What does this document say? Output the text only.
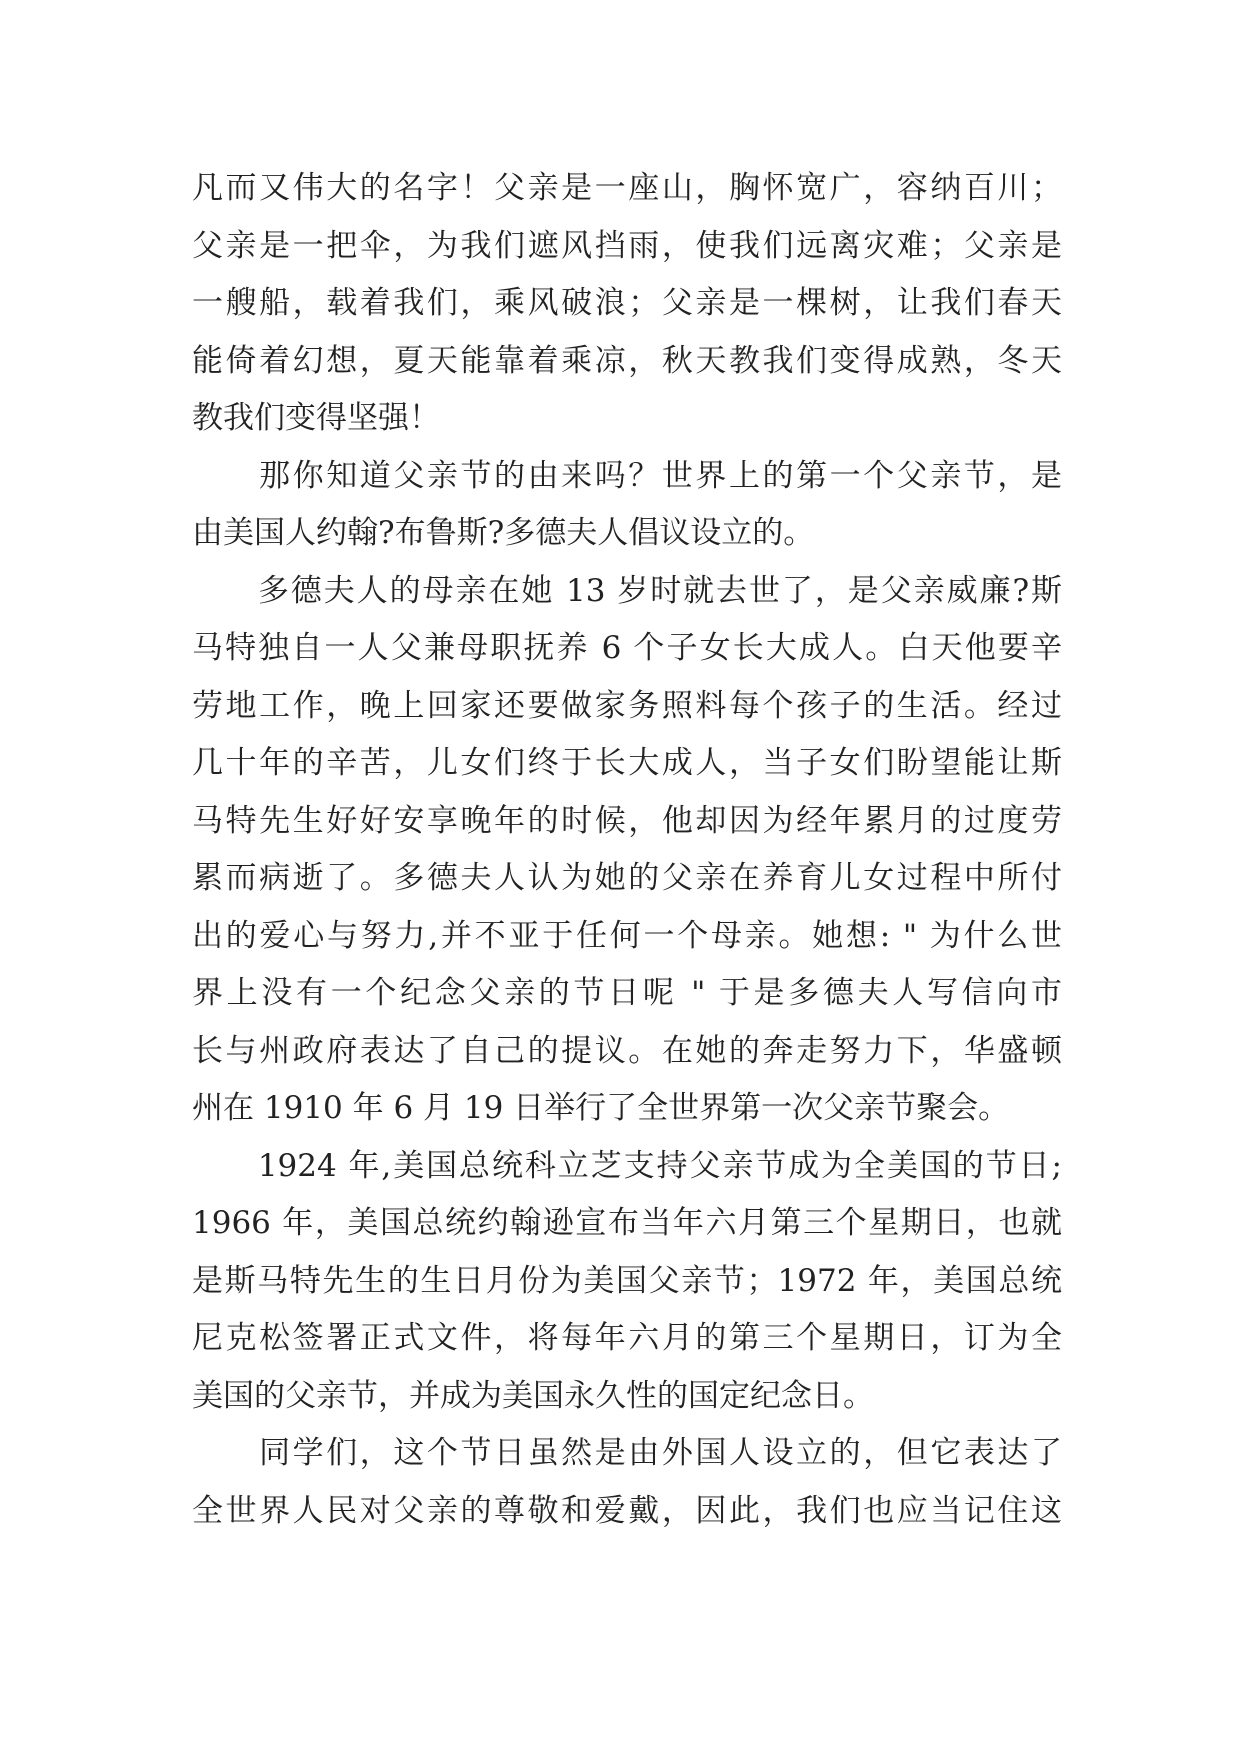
凡而又伟大的名字！父亲是一座山，胸怀宽广，容纳百川；
父亲是一把伞，为我们遮风挡雨，使我们远离灾难；父亲是
一艘船，载着我们，乘风破浪；父亲是一棵树，让我们春天
能倚着幻想，夏天能靠着乘凉，秋天教我们变得成熟，冬天
教我们变得坚强！
　　那你知道父亲节的由来吗？世界上的第一个父亲节，是
由美国人约翰?布鲁斯?多德夫人倡议设立的。
　　多德夫人的母亲在她 13 岁时就去世了，是父亲威廉?斯
马特独自一人父兼母职抚养 6 个子女长大成人。白天他要辛
劳地工作，晚上回家还要做家务照料每个孩子的生活。经过
几十年的辛苦，儿女们终于长大成人，当子女们盼望能让斯
马特先生好好安享晚年的时候，他却因为经年累月的过度劳
累而病逝了。多德夫人认为她的父亲在养育儿女过程中所付
出的爱心与努力,并不亚于任何一个母亲。她想: " 为什么世
界上没有一个纪念父亲的节日呢 " 于是多德夫人写信向市
长与州政府表达了自己的提议。在她的奔走努力下，华盛顿
州在 1910 年 6 月 19 日举行了全世界第一次父亲节聚会。
　　1924 年,美国总统科立芝支持父亲节成为全美国的节日;
1966 年，美国总统约翰逊宣布当年六月第三个星期日，也就
是斯马特先生的生日月份为美国父亲节；1972 年，美国总统
尼克松签署正式文件，将每年六月的第三个星期日，订为全
美国的父亲节，并成为美国永久性的国定纪念日。
　　同学们，这个节日虽然是由外国人设立的，但它表达了
全世界人民对父亲的尊敬和爱戴，因此，我们也应当记住这
